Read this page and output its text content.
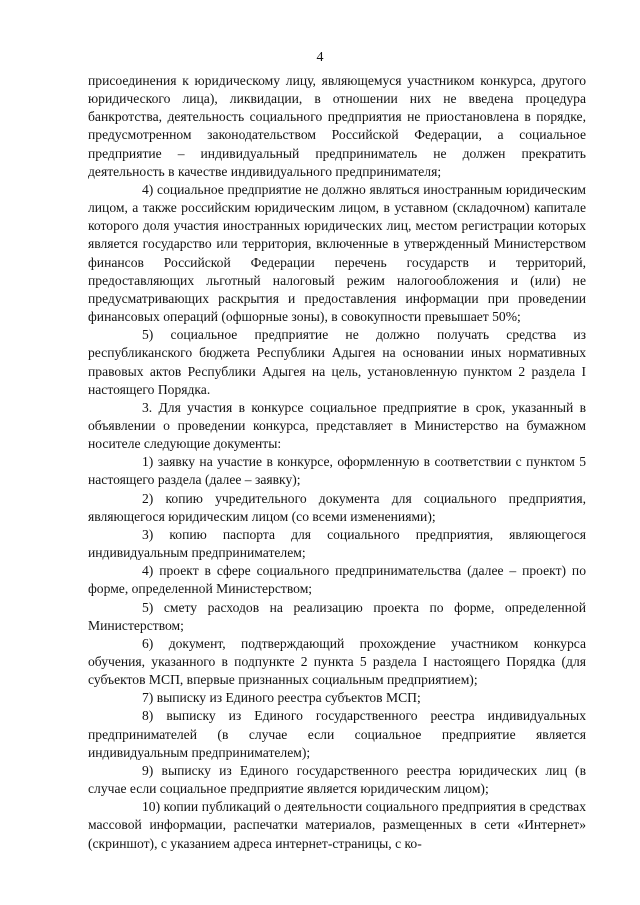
4

присоединения к юридическому лицу, являющемуся участником конкурса, другого юридического лица), ликвидации, в отношении них не введена процедура банкротства, деятельность социального предприятия не приостановлена в порядке, предусмотренном законодательством Российской Федерации, а социальное предприятие – индивидуальный предприниматель не должен прекратить деятельность в качестве индивидуального предпринимателя;

4) социальное предприятие не должно являться иностранным юридическим лицом, а также российским юридическим лицом, в уставном (складочном) капитале которого доля участия иностранных юридических лиц, местом регистрации которых является государство или территория, включенные в утвержденный Министерством финансов Российской Федерации перечень государств и территорий, предоставляющих льготный налоговый режим налогообложения и (или) не предусматривающих раскрытия и предоставления информации при проведении финансовых операций (офшорные зоны), в совокупности превышает 50%;

5) социальное предприятие не должно получать средства из республиканского бюджета Республики Адыгея на основании иных нормативных правовых актов Республики Адыгея на цель, установленную пунктом 2 раздела I настоящего Порядка.

3. Для участия в конкурсе социальное предприятие в срок, указанный в объявлении о проведении конкурса, представляет в Министерство на бумажном носителе следующие документы:

1) заявку на участие в конкурсе, оформленную в соответствии с пунктом 5 настоящего раздела (далее – заявку);

2) копию учредительного документа для социального предприятия, являющегося юридическим лицом (со всеми изменениями);

3) копию паспорта для социального предприятия, являющегося индивидуальным предпринимателем;

4) проект в сфере социального предпринимательства (далее – проект) по форме, определенной Министерством;

5) смету расходов на реализацию проекта по форме, определенной Министерством;

6) документ, подтверждающий прохождение участником конкурса обучения, указанного в подпункте 2 пункта 5 раздела I настоящего Порядка (для субъектов МСП, впервые признанных социальным предприятием);

7) выписку из Единого реестра субъектов МСП;

8) выписку из Единого государственного реестра индивидуальных предпринимателей (в случае если социальное предприятие является индивидуальным предпринимателем);

9) выписку из Единого государственного реестра юридических лиц (в случае если социальное предприятие является юридическим лицом);

10) копии публикаций о деятельности социального предприятия в средствах массовой информации, распечатки материалов, размещенных в сети «Интернет» (скриншот), с указанием адреса интернет-страницы, с ко-
